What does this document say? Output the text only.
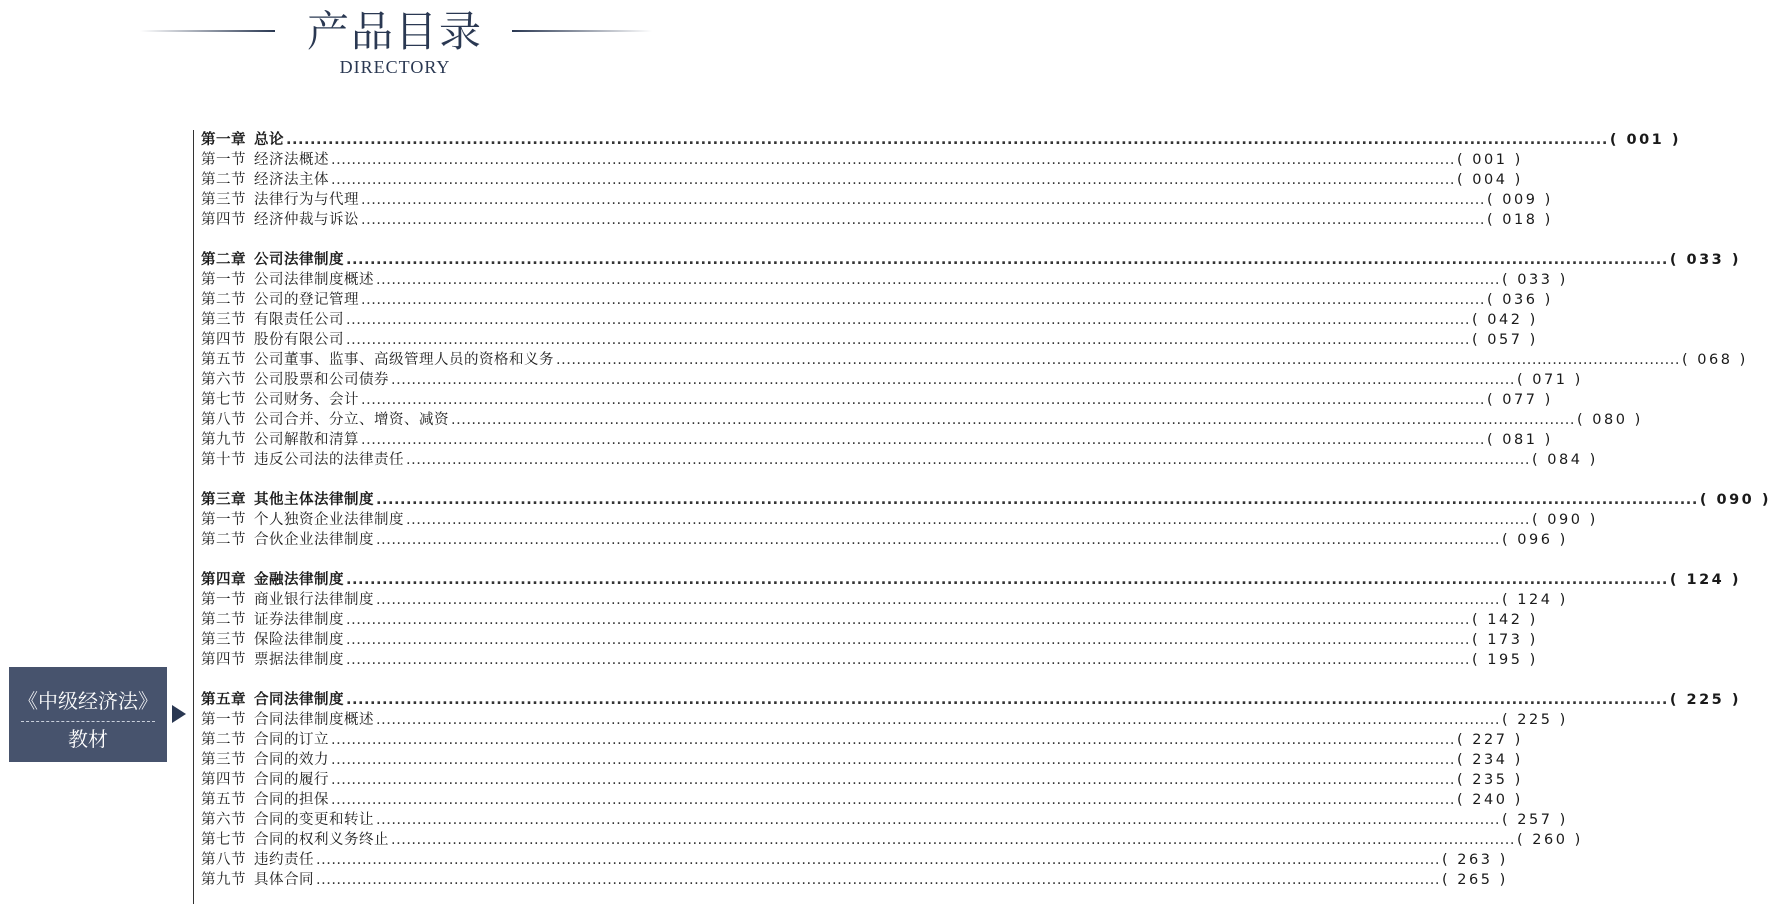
产品目录
DIRECTORY
第一章 总论 ............................................................................................................................................................................................................................ ( 001 )
第一节 经济法概述 ............................................................................................................................................................................................................................ ( 001 )
第二节 经济法主体 ............................................................................................................................................................................................................................ ( 004 )
第三节 法律行为与代理 ............................................................................................................................................................................................................................ ( 009 )
第四节 经济仲裁与诉讼 ............................................................................................................................................................................................................................ ( 018 )
第二章 公司法律制度 ............................................................................................................................................................................................................................ ( 033 )
第一节 公司法律制度概述 ............................................................................................................................................................................................................................ ( 033 )
第二节 公司的登记管理 ............................................................................................................................................................................................................................ ( 036 )
第三节 有限责任公司 ............................................................................................................................................................................................................................ ( 042 )
第四节 股份有限公司 ............................................................................................................................................................................................................................ ( 057 )
第五节 公司董事、监事、高级管理人员的资格和义务 ............................................................................................................................................................................................................................ ( 068 )
第六节 公司股票和公司债券 ............................................................................................................................................................................................................................ ( 071 )
第七节 公司财务、会计 ............................................................................................................................................................................................................................ ( 077 )
第八节 公司合并、分立、增资、减资 ............................................................................................................................................................................................................................ ( 080 )
第九节 公司解散和清算 ............................................................................................................................................................................................................................ ( 081 )
第十节 违反公司法的法律责任 ............................................................................................................................................................................................................................ ( 084 )
第三章 其他主体法律制度 ............................................................................................................................................................................................................................ ( 090 )
第一节 个人独资企业法律制度 ............................................................................................................................................................................................................................ ( 090 )
第二节 合伙企业法律制度 ............................................................................................................................................................................................................................ ( 096 )
第四章 金融法律制度 ............................................................................................................................................................................................................................ ( 124 )
第一节 商业银行法律制度 ............................................................................................................................................................................................................................ ( 124 )
第二节 证券法律制度 ............................................................................................................................................................................................................................ ( 142 )
第三节 保险法律制度 ............................................................................................................................................................................................................................ ( 173 )
第四节 票据法律制度 ............................................................................................................................................................................................................................ ( 195 )
第五章 合同法律制度 ............................................................................................................................................................................................................................ ( 225 )
第一节 合同法律制度概述 ............................................................................................................................................................................................................................ ( 225 )
第二节 合同的订立 ............................................................................................................................................................................................................................ ( 227 )
第三节 合同的效力 ............................................................................................................................................................................................................................ ( 234 )
第四节 合同的履行 ............................................................................................................................................................................................................................ ( 235 )
第五节 合同的担保 ............................................................................................................................................................................................................................ ( 240 )
第六节 合同的变更和转让 ............................................................................................................................................................................................................................ ( 257 )
第七节 合同的权利义务终止 ............................................................................................................................................................................................................................ ( 260 )
第八节 违约责任 ............................................................................................................................................................................................................................ ( 263 )
第九节 具体合同 ............................................................................................................................................................................................................................ ( 265 )
《中级经济法》
教材
